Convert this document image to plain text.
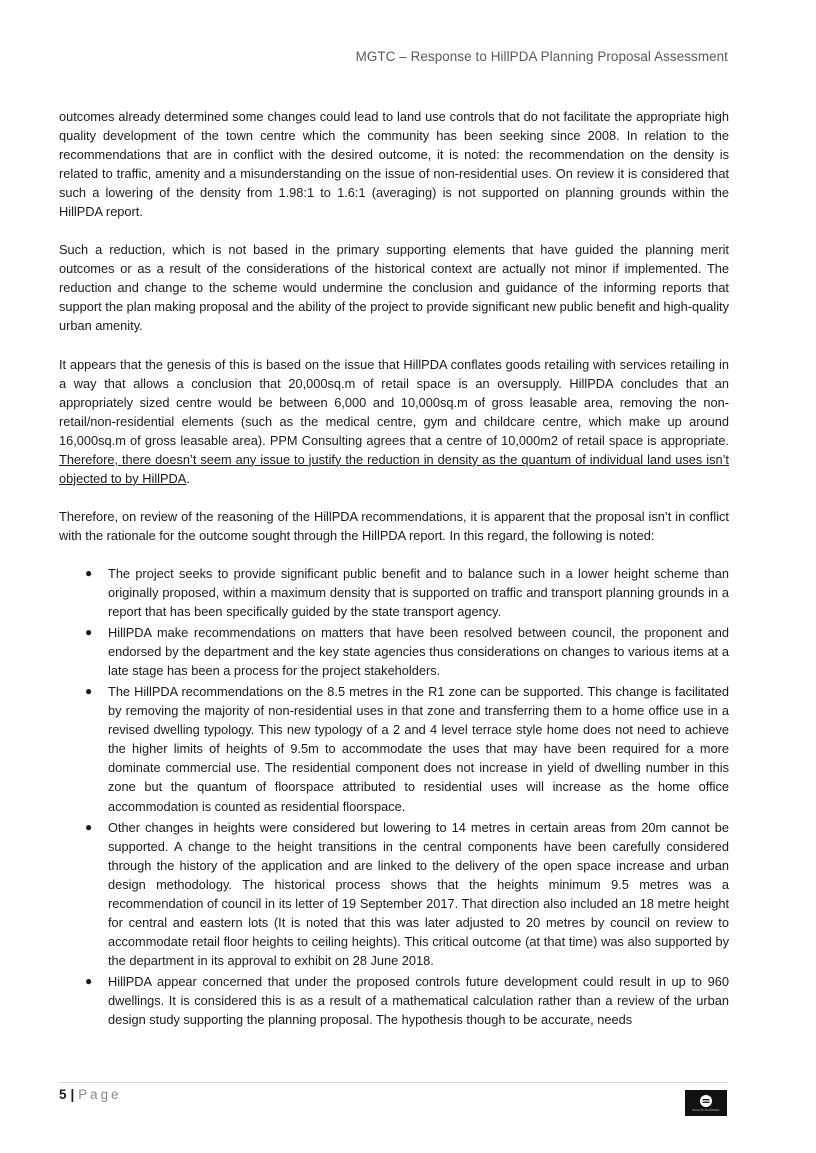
MGTC – Response to HillPDA Planning Proposal Assessment

outcomes already determined some changes could lead to land use controls that do not facilitate the appropriate high quality development of the town centre which the community has been seeking since 2008. In relation to the recommendations that are in conflict with the desired outcome, it is noted: the recommendation on the density is related to traffic, amenity and a misunderstanding on the issue of non-residential uses. On review it is considered that such a lowering of the density from 1.98:1 to 1.6:1 (averaging) is not supported on planning grounds within the HillPDA report.

Such a reduction, which is not based in the primary supporting elements that have guided the planning merit outcomes or as a result of the considerations of the historical context are actually not minor if implemented. The reduction and change to the scheme would undermine the conclusion and guidance of the informing reports that support the plan making proposal and the ability of the project to provide significant new public benefit and high-quality urban amenity.

It appears that the genesis of this is based on the issue that HillPDA conflates goods retailing with services retailing in a way that allows a conclusion that 20,000sq.m of retail space is an oversupply. HillPDA concludes that an appropriately sized centre would be between 6,000 and 10,000sq.m of gross leasable area, removing the non-retail/non-residential elements (such as the medical centre, gym and childcare centre, which make up around 16,000sq.m of gross leasable area). PPM Consulting agrees that a centre of 10,000m2 of retail space is appropriate. Therefore, there doesn’t seem any issue to justify the reduction in density as the quantum of individual land uses isn’t objected to by HillPDA.

Therefore, on review of the reasoning of the HillPDA recommendations, it is apparent that the proposal isn’t in conflict with the rationale for the outcome sought through the HillPDA report. In this regard, the following is noted:

● The project seeks to provide significant public benefit and to balance such in a lower height scheme than originally proposed, within a maximum density that is supported on traffic and transport planning grounds in a report that has been specifically guided by the state transport agency.
● HillPDA make recommendations on matters that have been resolved between council, the proponent and endorsed by the department and the key state agencies thus considerations on changes to various items at a late stage has been a process for the project stakeholders.
● The HillPDA recommendations on the 8.5 metres in the R1 zone can be supported. This change is facilitated by removing the majority of non-residential uses in that zone and transferring them to a home office use in a revised dwelling typology. This new typology of a 2 and 4 level terrace style home does not need to achieve the higher limits of heights of 9.5m to accommodate the uses that may have been required for a more dominate commercial use. The residential component does not increase in yield of dwelling number in this zone but the quantum of floorspace attributed to residential uses will increase as the home office accommodation is counted as residential floorspace.
● Other changes in heights were considered but lowering to 14 metres in certain areas from 20m cannot be supported. A change to the height transitions in the central components have been carefully considered through the history of the application and are linked to the delivery of the open space increase and urban design methodology. The historical process shows that the heights minimum 9.5 metres was a recommendation of council in its letter of 19 September 2017. That direction also included an 18 metre height for central and eastern lots (It is noted that this was later adjusted to 20 metres by council on review to accommodate retail floor heights to ceiling heights). This critical outcome (at that time) was also supported by the department in its approval to exhibit on 28 June 2018.
● HillPDA appear concerned that under the proposed controls future development could result in up to 960 dwellings. It is considered this is as a result of a mathematical calculation rather than a review of the urban design study supporting the planning proposal. The hypothesis though to be accurate, needs
5 | Page
PACIFIC PLANNING
